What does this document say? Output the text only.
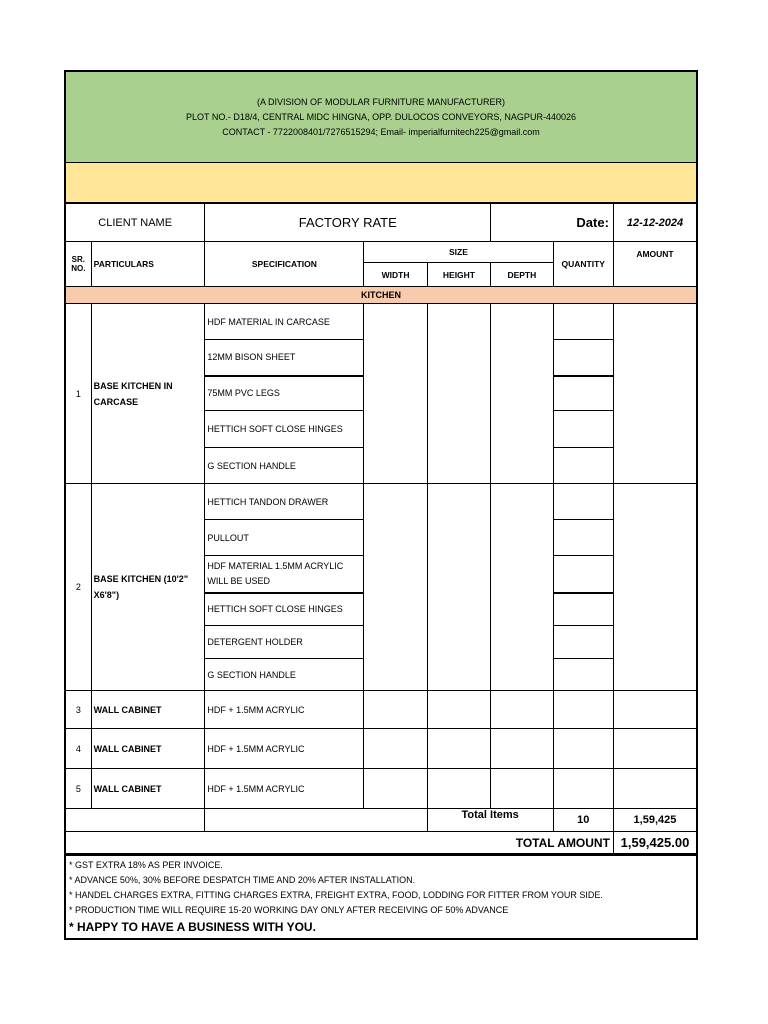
(A DIVISION OF MODULAR FURNITURE MANUFACTURER)
PLOT NO.- D18/4, CENTRAL MIDC HINGNA, OPP. DULOCOS CONVEYORS, NAGPUR-440026
CONTACT - 7722008401/7276515294; Email- imperialfurnitech225@gmail.com
CLIENT NAME		FACTORY RATE			Date:		12-12-2024
SR. NO.	PARTICULARS	SPECIFICATION	SIZE			QUANTITY	AMOUNT
			WIDTH	HEIGHT	DEPTH		
KITCHEN							
1	BASE KITCHEN IN CARCASE	HDF MATERIAL IN CARCASE					
		12MM BISON SHEET					
		75MM PVC LEGS					
		HETTICH SOFT CLOSE HINGES					
		G SECTION HANDLE					
2	BASE KITCHEN (10'2" X6'8")	HETTICH TANDON DRAWER					
		PULLOUT					
		HDF MATERIAL 1.5MM ACRYLIC WILL BE USED					
		HETTICH SOFT CLOSE HINGES					
		DETERGENT HOLDER					
		G SECTION HANDLE					
3	WALL CABINET	HDF + 1.5MM ACRYLIC					
4	WALL CABINET	HDF + 1.5MM ACRYLIC					
5	WALL CABINET	HDF + 1.5MM ACRYLIC					
				Total Items		10	1,59,425
TOTAL AMOUNT							1,59,425.00
* GST EXTRA 18% AS PER INVOICE.
* ADVANCE 50%, 30% BEFORE DESPATCH TIME AND 20% AFTER INSTALLATION.
* HANDEL CHARGES EXTRA, FITTING CHARGES EXTRA, FREIGHT EXTRA, FOOD, LODDING FOR FITTER FROM YOUR SIDE.
* PRODUCTION TIME WILL REQUIRE 15-20 WORKING DAY ONLY AFTER RECEIVING OF 50% ADVANCE
* HAPPY TO HAVE A BUSINESS WITH YOU.
